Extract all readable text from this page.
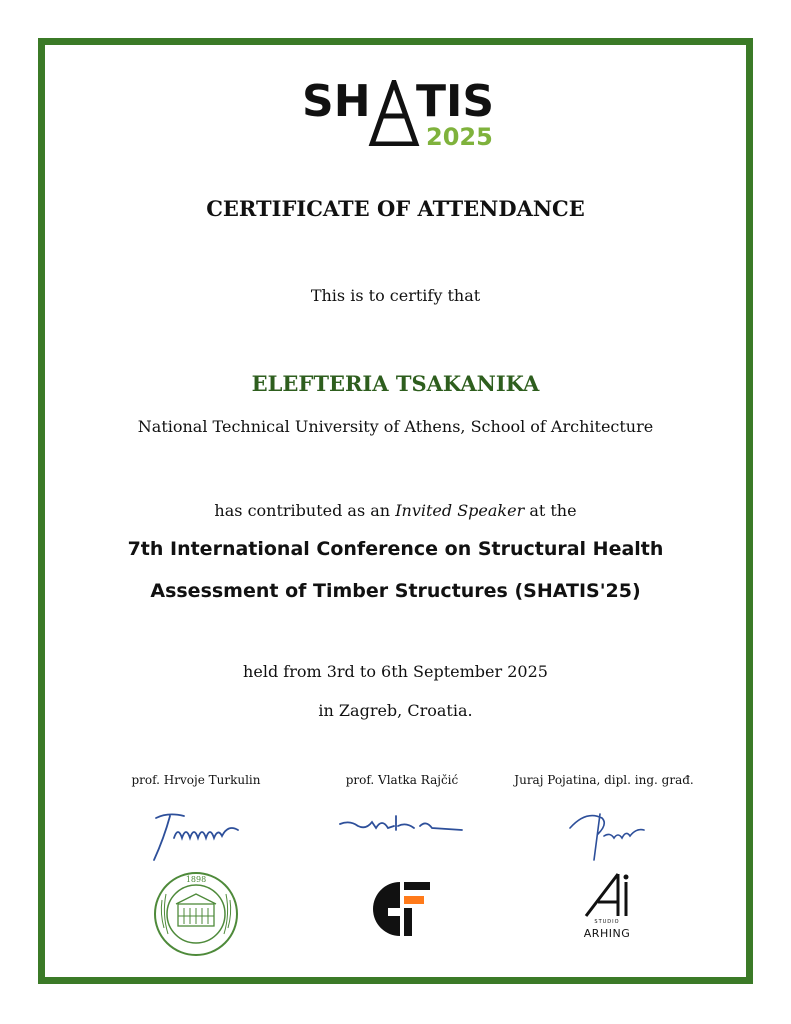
SH TIS
2025
CERTIFICATE OF ATTENDANCE
This is to certify that
ELEFTERIA TSAKANIKA
National Technical University of Athens, School of Architecture
has contributed as an Invited Speaker at the
7th International Conference on Structural Health
Assessment of Timber Structures (SHATIS'25)
held from 3rd to 6th September 2025
in Zagreb, Croatia.
prof. Hrvoje Turkulin	prof. Vlatka Rajčić	Juraj Pojatina, dipl. ing. građ.
1898
STUDIO
ARHING
